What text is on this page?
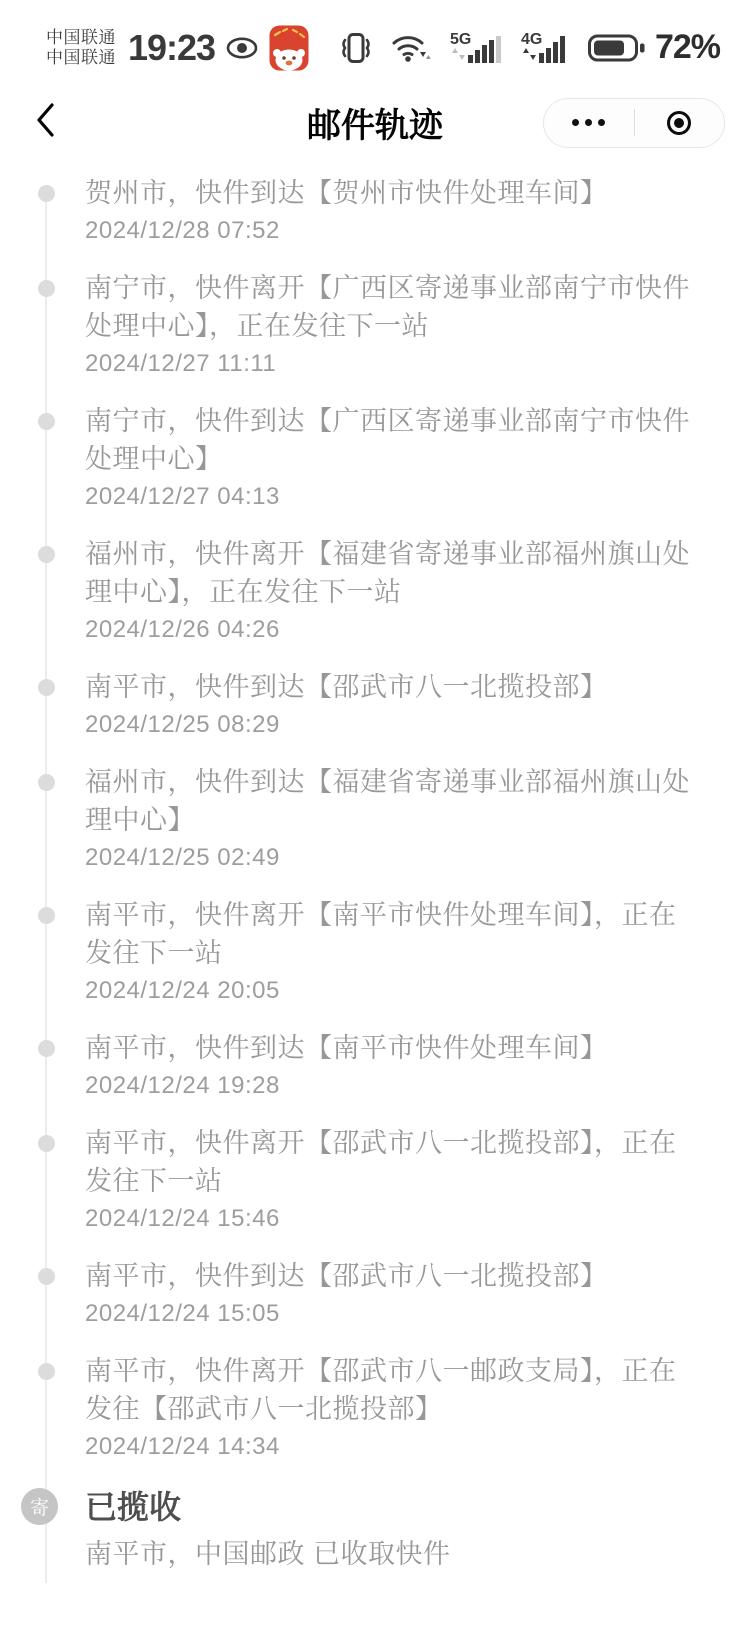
中国联通
中国联通 19:23	5G	4G	72%
邮件轨迹
贺州市，快件到达【贺州市快件处理车间】
2024/12/28 07:52
南宁市，快件离开【广西区寄递事业部南宁市快件处理中心】，正在发往下一站
2024/12/27 11:11
南宁市，快件到达【广西区寄递事业部南宁市快件处理中心】
2024/12/27 04:13
福州市，快件离开【福建省寄递事业部福州旗山处理中心】，正在发往下一站
2024/12/26 04:26
南平市，快件到达【邵武市八一北揽投部】
2024/12/25 08:29
福州市，快件到达【福建省寄递事业部福州旗山处理中心】
2024/12/25 02:49
南平市，快件离开【南平市快件处理车间】，正在发往下一站
2024/12/24 20:05
南平市，快件到达【南平市快件处理车间】
2024/12/24 19:28
南平市，快件离开【邵武市八一北揽投部】，正在发往下一站
2024/12/24 15:46
南平市，快件到达【邵武市八一北揽投部】
2024/12/24 15:05
南平市，快件离开【邵武市八一邮政支局】，正在发往【邵武市八一北揽投部】
2024/12/24 14:34
寄 已揽收
南平市，中国邮政 已收取快件
